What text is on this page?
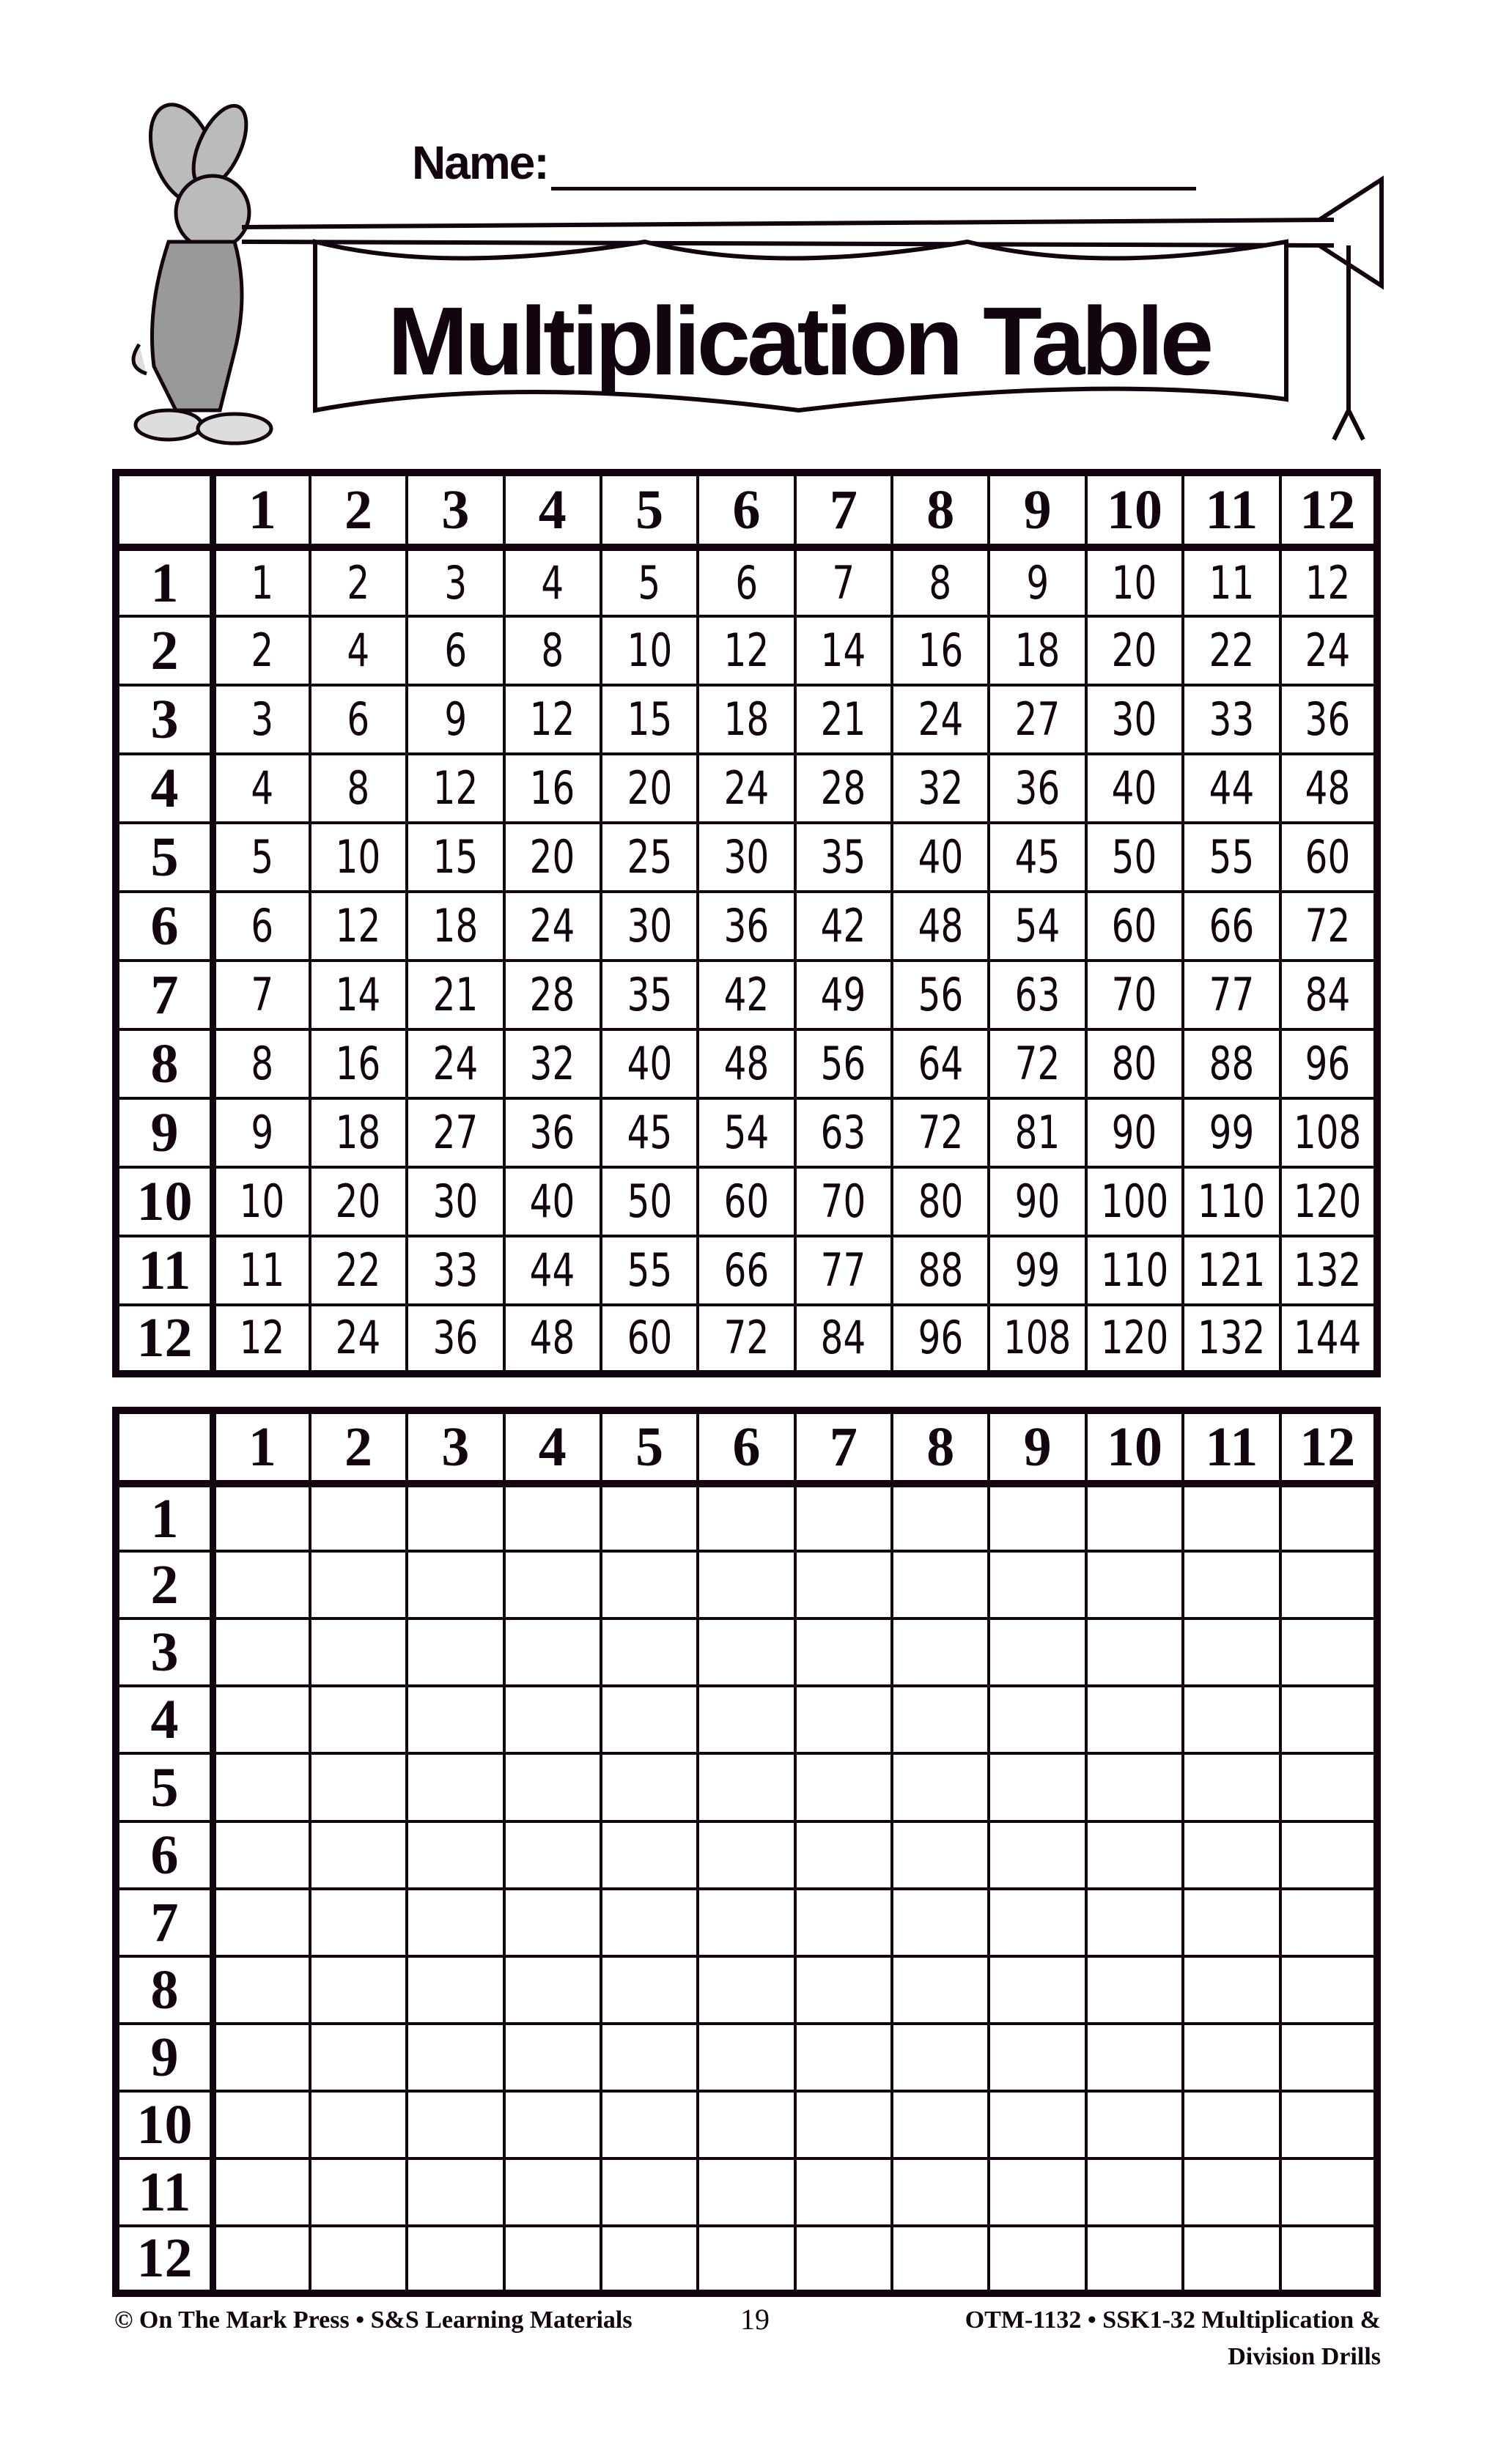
Name:
Multiplication Table
	1	2	3	4	5	6	7	8	9	10	11	12
1	1	2	3	4	5	6	7	8	9	10	11	12
2	2	4	6	8	10	12	14	16	18	20	22	24
3	3	6	9	12	15	18	21	24	27	30	33	36
4	4	8	12	16	20	24	28	32	36	40	44	48
5	5	10	15	20	25	30	35	40	45	50	55	60
6	6	12	18	24	30	36	42	48	54	60	66	72
7	7	14	21	28	35	42	49	56	63	70	77	84
8	8	16	24	32	40	48	56	64	72	80	88	96
9	9	18	27	36	45	54	63	72	81	90	99	108
10	10	20	30	40	50	60	70	80	90	100	110	120
11	11	22	33	44	55	66	77	88	99	110	121	132
12	12	24	36	48	60	72	84	96	108	120	132	144
	1	2	3	4	5	6	7	8	9	10	11	12
1												
2												
3												
4												
5												
6												
7												
8												
9												
10												
11												
12												
© On The Mark Press • S&S Learning Materials	19	OTM-1132 • SSK1-32 Multiplication &
Division Drills
